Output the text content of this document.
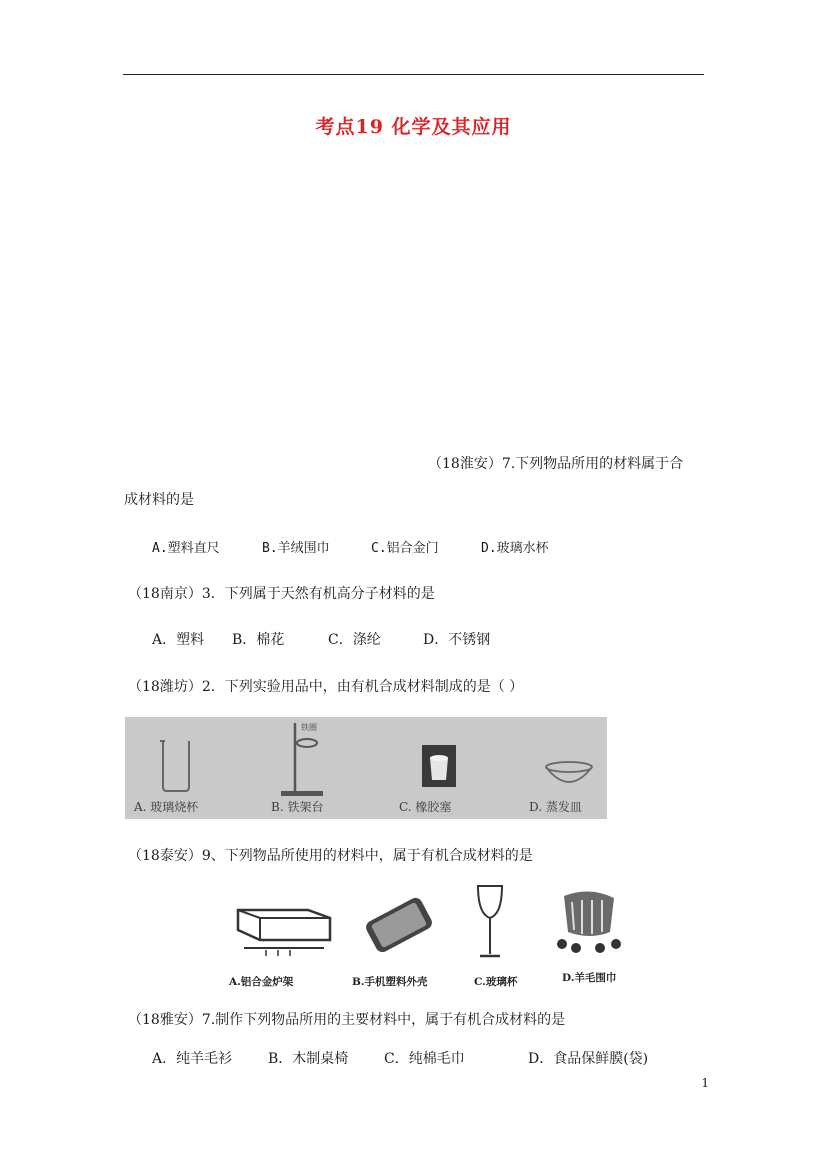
考点19 化学及其应用
（18淮安）7.下列物品所用的材料属于合
成材料的是
A.塑料直尺	B.羊绒围巾	C.铝合金门	D.玻璃水杯
（18南京）3．下列属于天然有机高分子材料的是
A．塑料 B．棉花	C．涤纶	D．不锈钢
（18潍坊）2．下列实验用品中，由有机合成材料制成的是（ ）
铁圈
A. 玻璃烧杯	B. 铁架台	C. 橡胶塞	D. 蒸发皿
（18泰安）9、下列物品所使用的材料中，属于有机合成材料的是
A.铝合金炉架	B.手机塑料外壳	C.玻璃杯	D.羊毛围巾
（18雅安）7.制作下列物品所用的主要材料中，属于有机合成材料的是
A．纯羊毛衫	B．木制桌椅	C．纯棉毛巾	D．食品保鲜膜(袋)
1
